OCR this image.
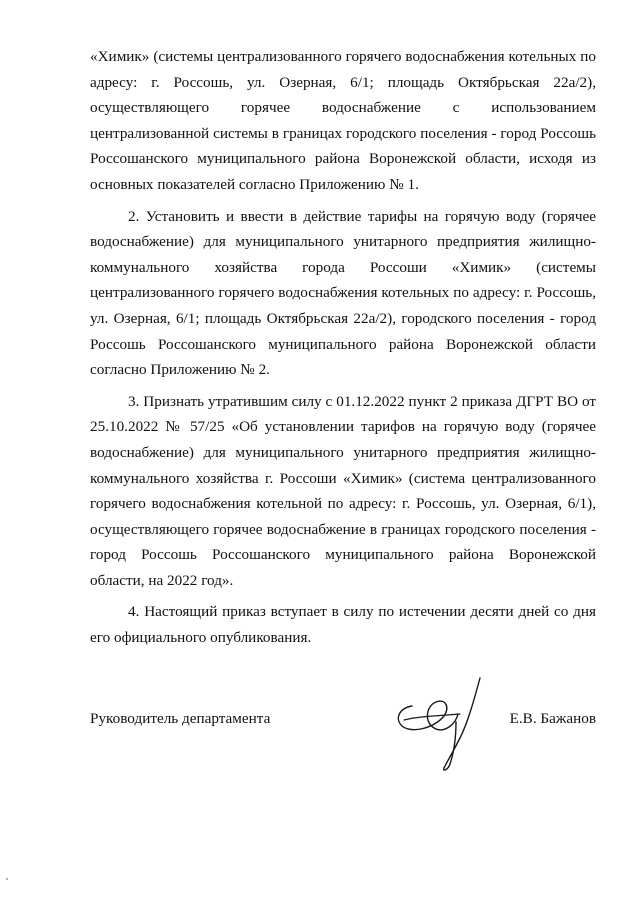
«Химик» (системы централизованного горячего водоснабжения котельных по адресу: г. Россошь, ул. Озерная, 6/1; площадь Октябрьская 22а/2), осуществляющего горячее водоснабжение с использованием централизованной системы в границах городского поселения - город Россошь Россошанского муниципального района Воронежской области, исходя из основных показателей согласно Приложению № 1.

2. Установить и ввести в действие тарифы на горячую воду (горячее водоснабжение) для муниципального унитарного предприятия жилищно-коммунального хозяйства города Россоши «Химик» (системы централизованного горячего водоснабжения котельных по адресу: г. Россошь, ул. Озерная, 6/1; площадь Октябрьская 22а/2), городского поселения - город Россошь Россошанского муниципального района Воронежской области согласно Приложению № 2.

3. Признать утратившим силу с 01.12.2022 пункт 2 приказа ДГРТ ВО от 25.10.2022 № 57/25 «Об установлении тарифов на горячую воду (горячее водоснабжение) для муниципального унитарного предприятия жилищно-коммунального хозяйства г. Россоши «Химик» (система централизованного горячего водоснабжения котельной по адресу: г. Россошь, ул. Озерная, 6/1), осуществляющего горячее водоснабжение в границах городского поселения - город Россошь Россошанского муниципального района Воронежской области, на 2022 год».

4. Настоящий приказ вступает в силу по истечении десяти дней со дня его официального опубликования.

Руководитель департамента	Е.В. Бажанов
